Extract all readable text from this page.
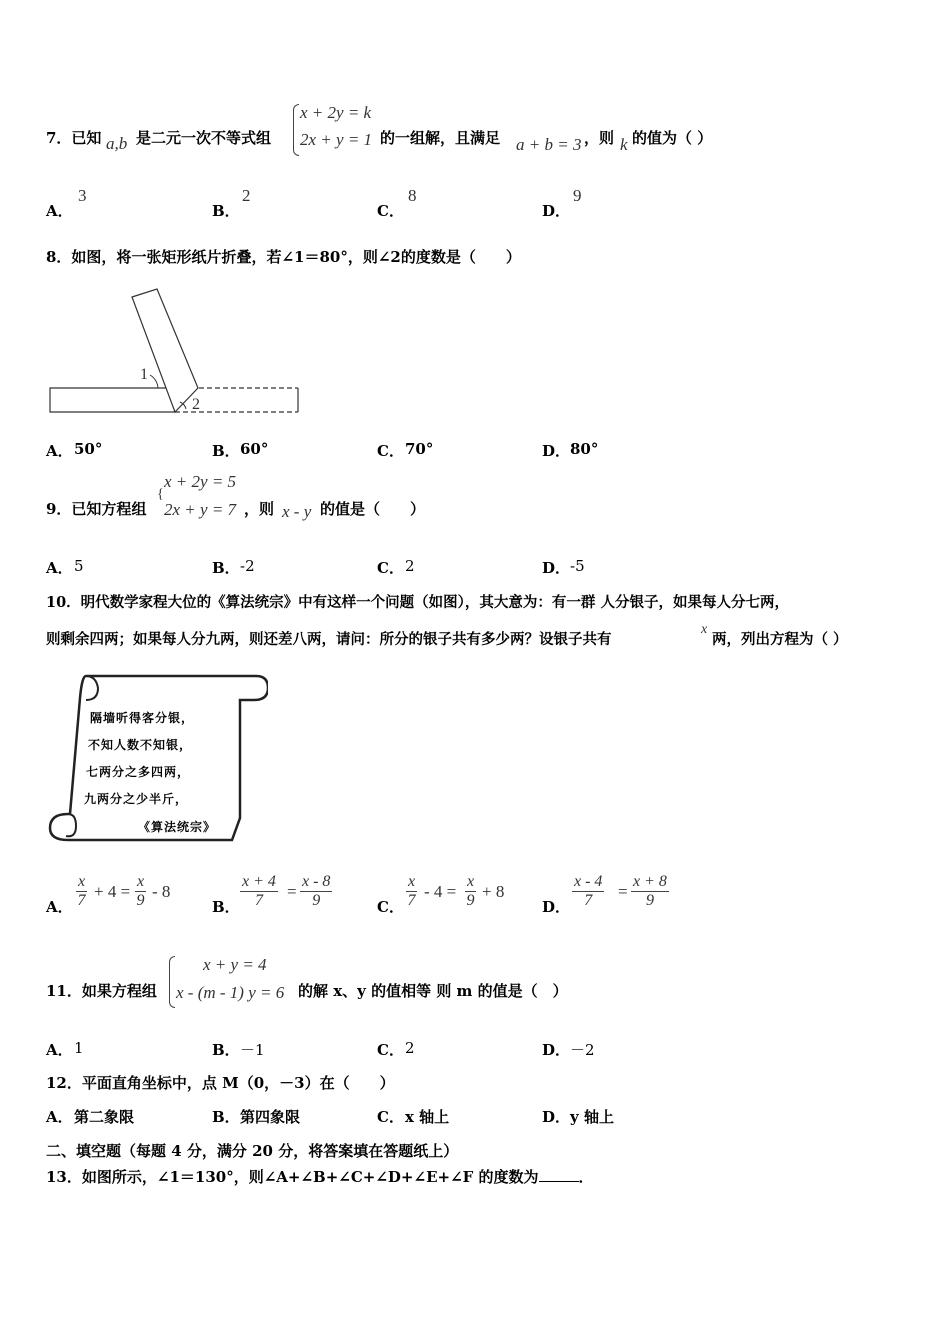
7．已知 a,b 是二元一次不等式组
x + 2y = k
2x + y = 1 的一组解，且满足 a + b = 3 ，则 k 的值为（ ）
A．
3
B．
2
C．
8
D．
9
8．如图，将一张矩形纸片折叠，若∠1＝80°，则∠2的度数是（　　）
1
2
A． 50°	B． 60°	C． 70°	D． 80°
9．已知方程组
{
x + 2y = 5
2x + y = 7 ，则 x - y 的值是（　　）
A． 5	B． -2	C． 2	D． -5
10．明代数学家程大位的《算法统宗》中有这样一个问题（如图），其大意为：有一群 人分银子，如果每人分七两，
则剩余四两；如果每人分九两，则还差八两，请问：所分的银子共有多少两？设银子共有
x
两，列出方程为（ ）
隔墙听得客分银，
不知人数不知银，
七两分之多四两，
九两分之少半斤，
《算法统宗》
A． $\frac{x}{7} + 4 = \frac{x}{9} - 8$
B． $\frac{x + 4}{7} = \frac{x - 8}{9}$	C． $\frac{x}{7} - 4 = \frac{x}{9} + 8$
D． $\frac{x - 4}{7} = \frac{x + 8}{9}$
11．如果方程组
x + y = 4
x - (m - 1) y = 6 的解 x、y 的值相等 则 m 的值是（　）
A． 1	B． －1	C． 2	D． －2
12．平面直角坐标中，点 M（0，－3）在（　　）
A． 第二象限	B． 第四象限	C． x 轴上	D． y 轴上
二、填空题（每题 4 分，满分 20 分，将答案填在答题纸上）
13．如图所示，∠1＝130°，则∠A+∠B+∠C+∠D+∠E+∠F 的度数为	．
